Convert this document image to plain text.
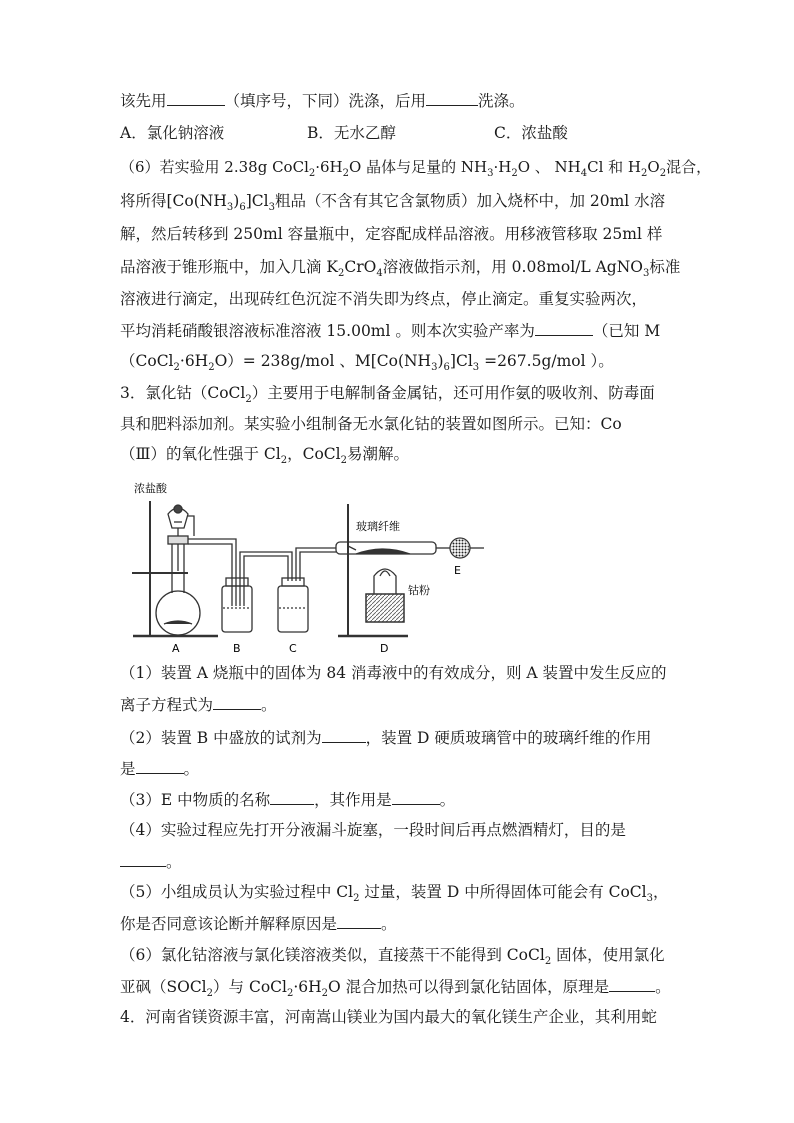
该先用	（填序号，下同）洗涤，后用	洗涤。
A．氯化钠溶液	B．无水乙醇	C．浓盐酸
（6）若实验用 2.38g $CoCl_2\cdot 6H_2O$ 晶体与足量的 $NH_3\cdot H_2O$ 、 $NH_4Cl$ 和 $H_2O_2$混合，
将所得$[Co(NH_3)_6]Cl_3$粗品（不含有其它含氯物质）加入烧杯中，加 20ml 水溶
解，然后转移到 250ml 容量瓶中，定容配成样品溶液。用移液管移取 25ml 样
品溶液于锥形瓶中，加入几滴 $K_2CrO_4$溶液做指示剂，用 0.08mol/L AgNO$_3$标准
溶液进行滴定，出现砖红色沉淀不消失即为终点，停止滴定。重复实验两次，
平均消耗硝酸银溶液标准溶液 15.00ml 。则本次实验产率为	（已知 M
$(CoCl_2\cdot 6H_2O)= 238g/mol$ 、$M[Co(NH_3)_6]Cl_3 =267.5g/mol$ ）。
3．氯化钴（CoCl$_2$）主要用于电解制备金属钴，还可用作氨的吸收剂、防毒面
具和肥料添加剂。某实验小组制备无水氯化钴的装置如图所示。已知：Co
（Ⅲ）的氧化性强于 $Cl_2$，CoCl$_2$易潮解。
浓盐酸
玻璃纤维
钴粉
A	B	C	D
E
（1）装置 A 烧瓶中的固体为 84 消毒液中的有效成分，则 A 装置中发生反应的
离子方程式为	。
（2）装置 B 中盛放的试剂为	，装置 D 硬质玻璃管中的玻璃纤维的作用
是	。
（3）E 中物质的名称	，其作用是	。
（4）实验过程应先打开分液漏斗旋塞，一段时间后再点燃酒精灯，目的是
。
（5）小组成员认为实验过程中 $Cl_2$ 过量，装置 D 中所得固体可能会有 CoCl$_3$，
你是否同意该论断并解释原因是	。
（6）氯化钴溶液与氯化镁溶液类似，直接蒸干不能得到 CoCl$_2$ 固体，使用氯化
亚砜（SOCl$_2$）与 $CoCl_2\cdot 6H_2O$ 混合加热可以得到氯化钴固体，原理是	。
4．河南省镁资源丰富，河南嵩山镁业为国内最大的氧化镁生产企业，其利用蛇
